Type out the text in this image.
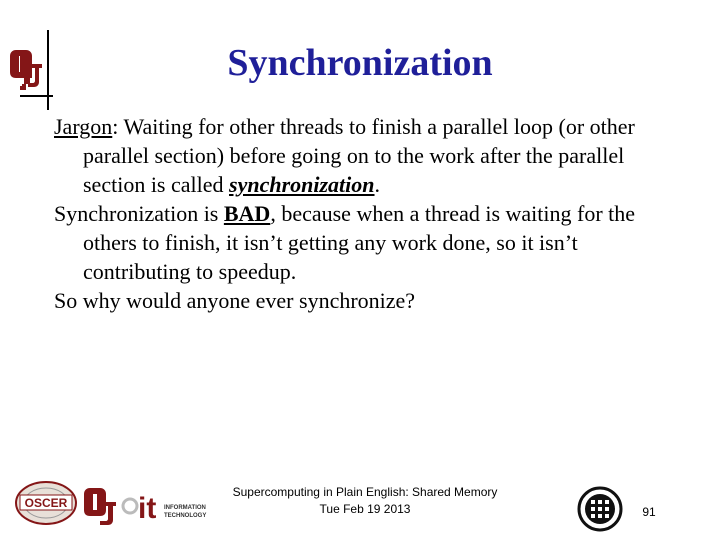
Synchronization

Jargon: Waiting for other threads to finish a parallel loop (or other parallel section) before going on to the work after the parallel section is called synchronization.

Synchronization is BAD, because when a thread is waiting for the others to finish, it isn’t getting any work done, so it isn’t contributing to speedup.

So why would anyone ever synchronize?

OSCER it INFORMATION
TECHNOLOGY
Supercomputing in Plain English: Shared Memory
Tue Feb 19 2013	91
